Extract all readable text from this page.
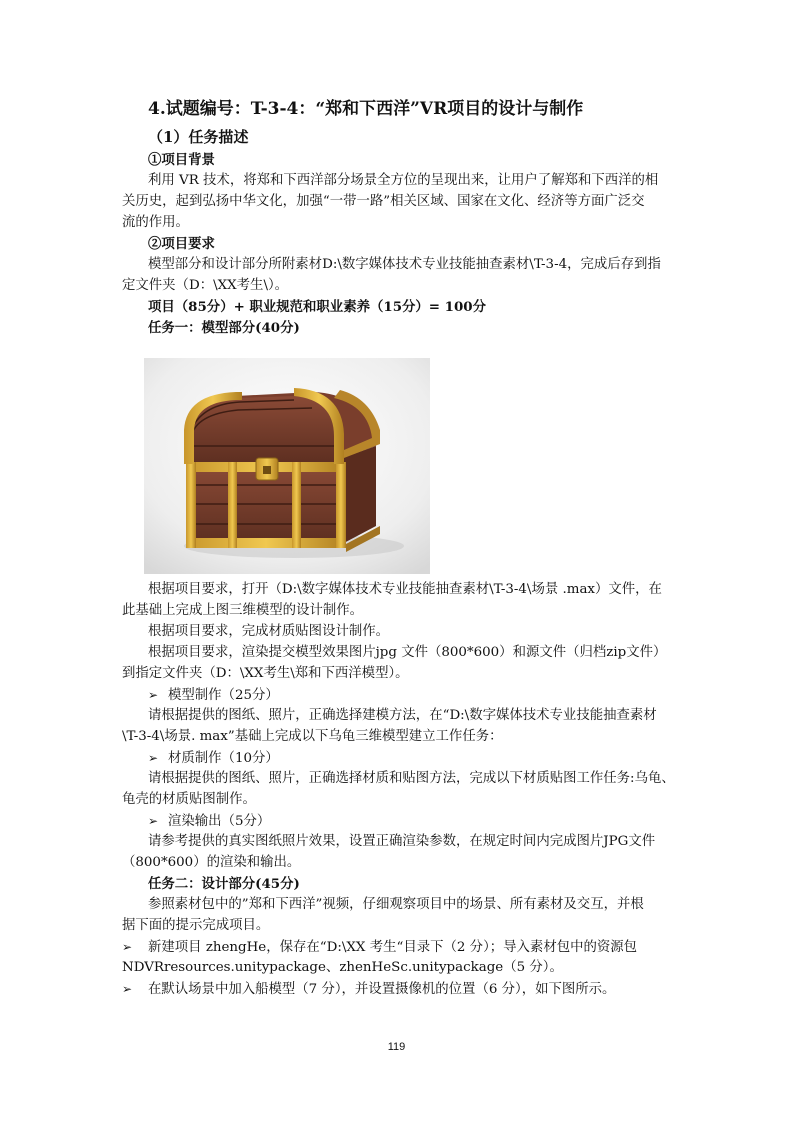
4.试题编号：T-3-4：“郑和下西洋”VR项目的设计与制作
（1）任务描述
①项目背景
利用 VR 技术，将郑和下西洋部分场景全方位的呈现出来，让用户了解郑和下西洋的相
关历史，起到弘扬中华文化，加强“一带一路”相关区域、国家在文化、经济等方面广泛交
流的作用。
②项目要求
模型部分和设计部分所附素材D:\数字媒体技术专业技能抽查素材\T-3-4，完成后存到指
定文件夹（D：\XX考生\）。
项目（85分）+ 职业规范和职业素养（15分）= 100分
任务一：模型部分(40分)
根据项目要求，打开（D:\数字媒体技术专业技能抽查素材\T-3-4\场景 .max）文件，在
此基础上完成上图三维模型的设计制作。
根据项目要求，完成材质贴图设计制作。
根据项目要求，渲染提交模型效果图片jpg 文件（800*600）和源文件（归档zip文件）
到指定文件夹（D：\XX考生\郑和下西洋模型）。
➢ 模型制作（25分）
请根据提供的图纸、照片，正确选择建模方法，在“D:\数字媒体技术专业技能抽查素材
\T-3-4\场景. max”基础上完成以下乌龟三维模型建立工作任务：
➢ 材质制作（10分）
请根据提供的图纸、照片，正确选择材质和贴图方法，完成以下材质贴图工作任务:乌龟、
龟壳的材质贴图制作。
➢ 渲染输出（5分）
请参考提供的真实图纸照片效果，设置正确渲染参数，在规定时间内完成图片JPG文件
（800*600）的渲染和输出。
任务二：设计部分(45分)
参照素材包中的”郑和下西洋”视频，仔细观察项目中的场景、所有素材及交互，并根
据下面的提示完成项目。
➢ 新建项目 zhengHe，保存在“D:\XX 考生“目录下（2 分）；导入素材包中的资源包
NDVRresources.unitypackage、zhenHeSc.unitypackage（5 分）。
➢ 在默认场景中加入船模型（7 分），并设置摄像机的位置（6 分），如下图所示。
119
